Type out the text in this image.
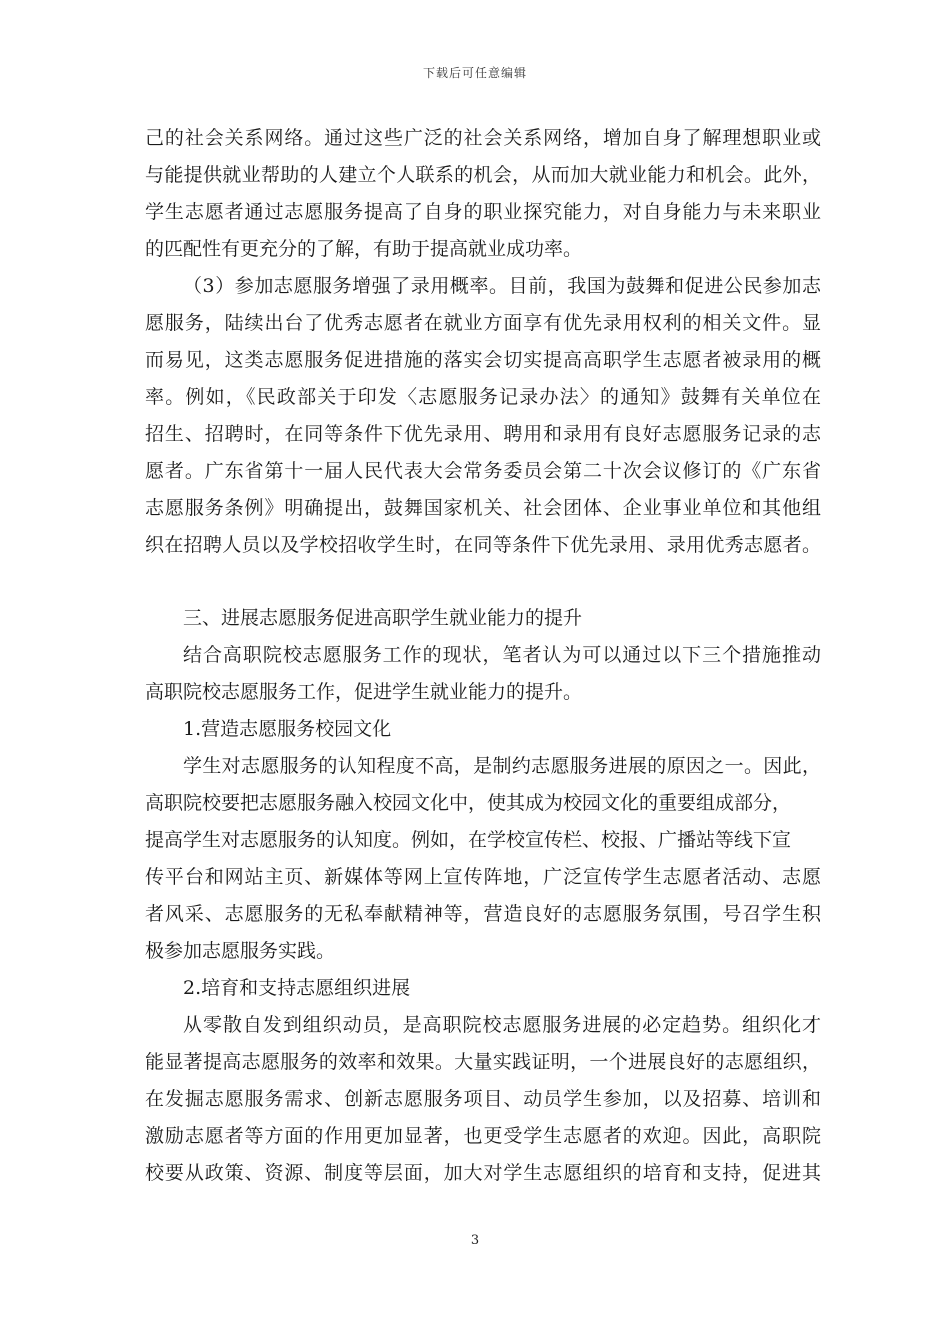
下载后可任意编辑
己的社会关系网络。通过这些广泛的社会关系网络，增加自身了解理想职业或
与能提供就业帮助的人建立个人联系的机会，从而加大就业能力和机会。此外，
学生志愿者通过志愿服务提高了自身的职业探究能力，对自身能力与未来职业
的匹配性有更充分的了解，有助于提高就业成功率。
（3）参加志愿服务增强了录用概率。目前，我国为鼓舞和促进公民参加志
愿服务，陆续出台了优秀志愿者在就业方面享有优先录用权利的相关文件。显
而易见，这类志愿服务促进措施的落实会切实提高高职学生志愿者被录用的概
率。例如，《民政部关于印发〈志愿服务记录办法〉的通知》鼓舞有关单位在
招生、招聘时，在同等条件下优先录用、聘用和录用有良好志愿服务记录的志
愿者。广东省第十一届人民代表大会常务委员会第二十次会议修订的《广东省
志愿服务条例》明确提出，鼓舞国家机关、社会团体、企业事业单位和其他组
织在招聘人员以及学校招收学生时，在同等条件下优先录用、录用优秀志愿者。
三、进展志愿服务促进高职学生就业能力的提升
结合高职院校志愿服务工作的现状，笔者认为可以通过以下三个措施推动
高职院校志愿服务工作，促进学生就业能力的提升。
1.营造志愿服务校园文化
学生对志愿服务的认知程度不高，是制约志愿服务进展的原因之一。因此，
高职院校要把志愿服务融入校园文化中，使其成为校园文化的重要组成部分，
提高学生对志愿服务的认知度。例如，在学校宣传栏、校报、广播站等线下宣
传平台和网站主页、新媒体等网上宣传阵地，广泛宣传学生志愿者活动、志愿
者风采、志愿服务的无私奉献精神等，营造良好的志愿服务氛围，号召学生积
极参加志愿服务实践。
2.培育和支持志愿组织进展
从零散自发到组织动员，是高职院校志愿服务进展的必定趋势。组织化才
能显著提高志愿服务的效率和效果。大量实践证明，一个进展良好的志愿组织，
在发掘志愿服务需求、创新志愿服务项目、动员学生参加，以及招募、培训和
激励志愿者等方面的作用更加显著，也更受学生志愿者的欢迎。因此，高职院
校要从政策、资源、制度等层面，加大对学生志愿组织的培育和支持，促进其
3
